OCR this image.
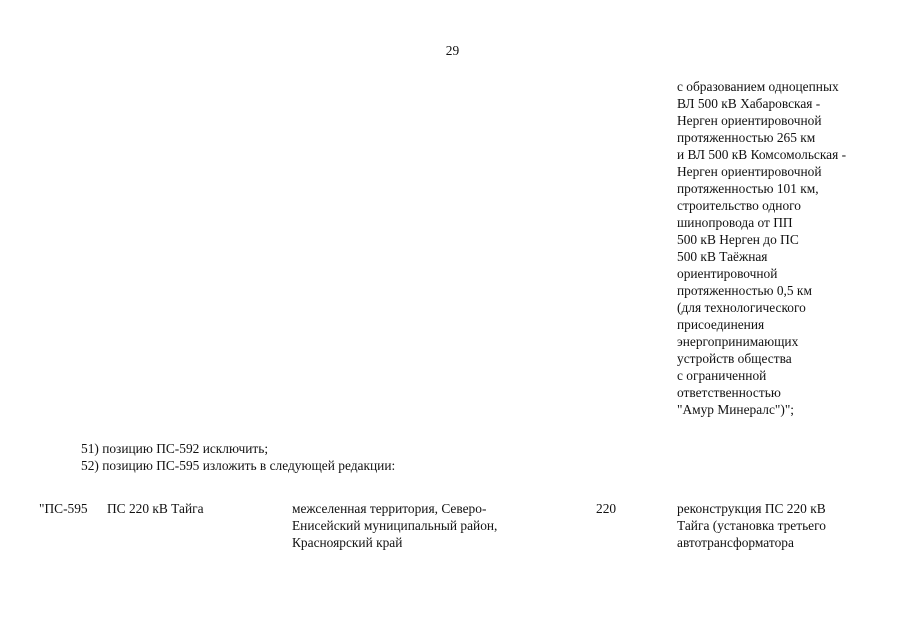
29
с образованием одноцепных
ВЛ 500 кВ Хабаровская -
Нерген ориентировочной
протяженностью 265 км
и ВЛ 500 кВ Комсомольская -
Нерген ориентировочной
протяженностью 101 км,
строительство одного
шинопровода от ПП
500 кВ Нерген до ПС
500 кВ Таёжная
ориентировочной
протяженностью 0,5 км
(для технологического
присоединения
энергопринимающих
устройств общества
с ограниченной
ответственностью
"Амур Минералс")";
51) позицию ПС-592 исключить;
52) позицию ПС-595 изложить в следующей редакции:
"ПС-595 ПС 220 кВ Тайга	межселенная территория, Северо-
Енисейский муниципальный район,
Красноярский край
220	реконструкция ПС 220 кВ
Тайга (установка третьего
автотрансформатора
